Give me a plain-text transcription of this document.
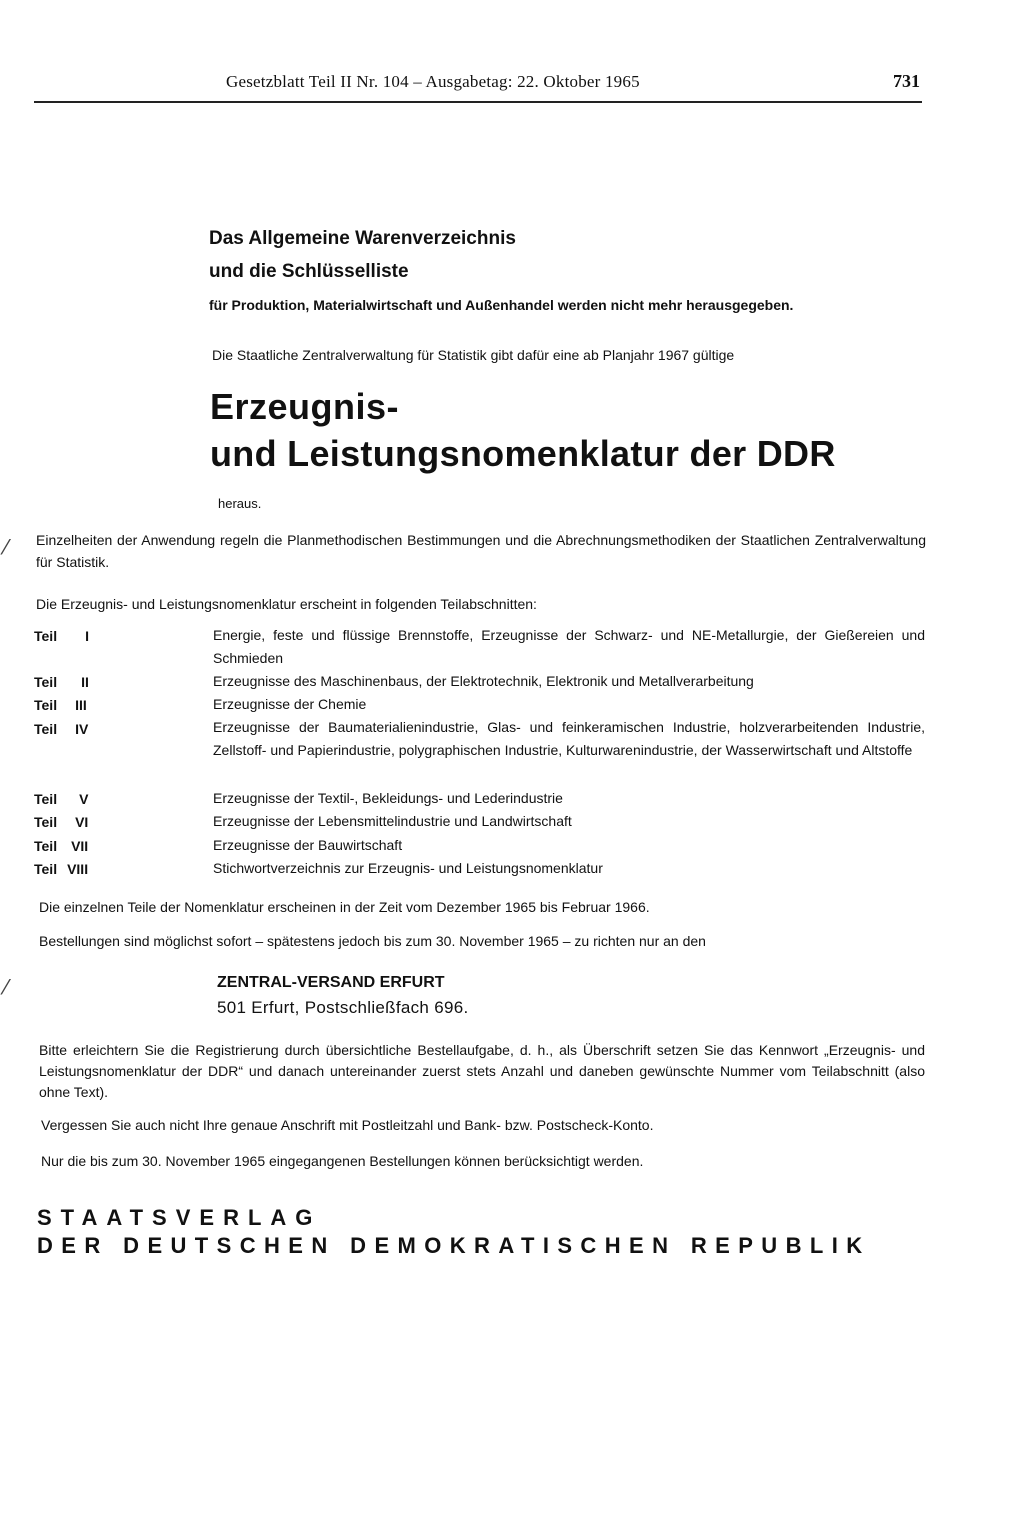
Gesetzblatt Teil II Nr. 104 – Ausgabetag: 22. Oktober 1965	731
Das Allgemeine Warenverzeichnis
und die Schlüsselliste
für Produktion, Materialwirtschaft und Außenhandel werden nicht mehr herausgegeben.
Die Staatliche Zentralverwaltung für Statistik gibt dafür eine ab Planjahr 1967 gültige
Erzeugnis-
und Leistungsnomenklatur der DDR
heraus.
Einzelheiten der Anwendung regeln die Planmethodischen Bestimmungen und die Abrechnungsmethodiken der Staatlichen Zentralverwaltung für Statistik.
Die Erzeugnis- und Leistungsnomenklatur erscheint in folgenden Teilabschnitten:
Teil I	Energie, feste und flüssige Brennstoffe, Erzeugnisse der Schwarz- und NE-Metallurgie, der Gießereien und Schmieden
Teil II	Erzeugnisse des Maschinenbaus, der Elektrotechnik, Elektronik und Metallverarbeitung
Teil III	Erzeugnisse der Chemie
Teil IV	Erzeugnisse der Baumaterialienindustrie, Glas- und feinkeramischen Industrie, holzverarbeitenden Industrie, Zellstoff- und Papierindustrie, polygraphischen Industrie, Kulturwarenindustrie, der Wasserwirtschaft und Altstoffe
Teil V	Erzeugnisse der Textil-, Bekleidungs- und Lederindustrie
Teil VI	Erzeugnisse der Lebensmittelindustrie und Landwirtschaft
Teil VII	Erzeugnisse der Bauwirtschaft
Teil VIII	Stichwortverzeichnis zur Erzeugnis- und Leistungsnomenklatur
Die einzelnen Teile der Nomenklatur erscheinen in der Zeit vom Dezember 1965 bis Februar 1966.
Bestellungen sind möglichst sofort – spätestens jedoch bis zum 30. November 1965 – zu richten nur an den
ZENTRAL-VERSAND ERFURT
501 Erfurt, Postschließfach 696.
Bitte erleichtern Sie die Registrierung durch übersichtliche Bestellaufgabe, d. h., als Überschrift setzen Sie das Kennwort „Erzeugnis- und Leistungsnomenklatur der DDR“ und danach untereinander zuerst stets Anzahl und daneben gewünschte Nummer vom Teilabschnitt (also ohne Text).
Vergessen Sie auch nicht Ihre genaue Anschrift mit Postleitzahl und Bank- bzw. Postscheck-Konto.
Nur die bis zum 30. November 1965 eingegangenen Bestellungen können berücksichtigt werden.
STAATSVERLAG
DER DEUTSCHEN DEMOKRATISCHEN REPUBLIK
⁄
⁄
